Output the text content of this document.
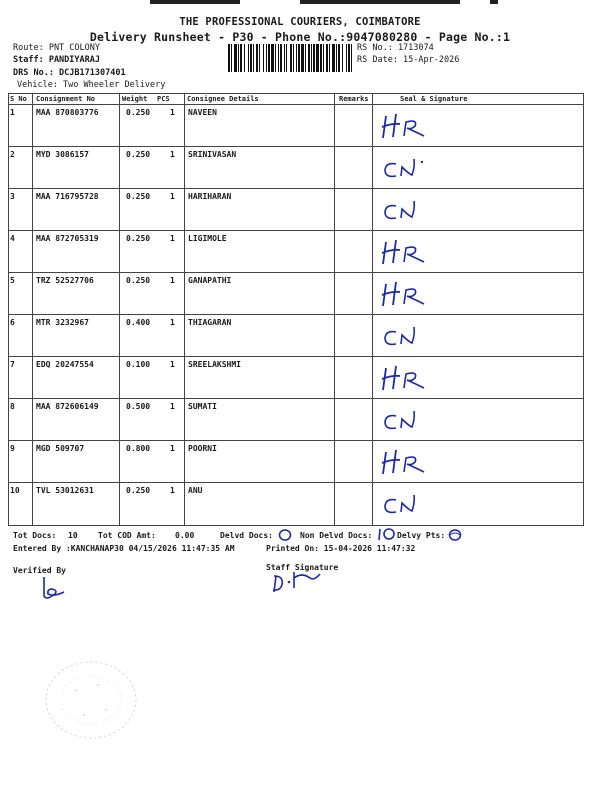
THE PROFESSIONAL COURIERS, COIMBATORE
Delivery Runsheet - P30 - Phone No.:9047080280 - Page No.:1
Route: PNT COLONY
Staff: PANDIYARAJ
DRS No.: DCJB171307401
Vehicle: Two Wheeler Delivery
RS No.: 1713074
RS Date: 15-Apr-2026
S No Consignment No	Weight PCS Consignee Details	Remarks	Seal & Signature
1	MAA 870803776	0.250 1 NAVEEN
2	MYD 3086157	0.250 1 SRINIVASAN
3	MAA 716795728	0.250 1 HARIHARAN
4	MAA 872705319	0.250 1 LIGIMOLE
5	TRZ 52527706	0.250 1 GANAPATHI
6	MTR 3232967	0.400 1 THIAGARAN
7	EDQ 20247554	0.100 1 SREELAKSHMI
8	MAA 872606149	0.500 1 SUMATI
9	MGD 509707	0.800 1 POORNI
10 TVL 53012631	0.250 1 ANU
Tot Docs: 10	Tot COD Amt: 0.00	Delvd Docs:	Non Delvd Docs:	Delvy Pts:
Entered By :KANCHANAP30 04/15/2026 11:47:35 AM	Printed On: 15-04-2026 11:47:32
Verified By	Staff Signature
